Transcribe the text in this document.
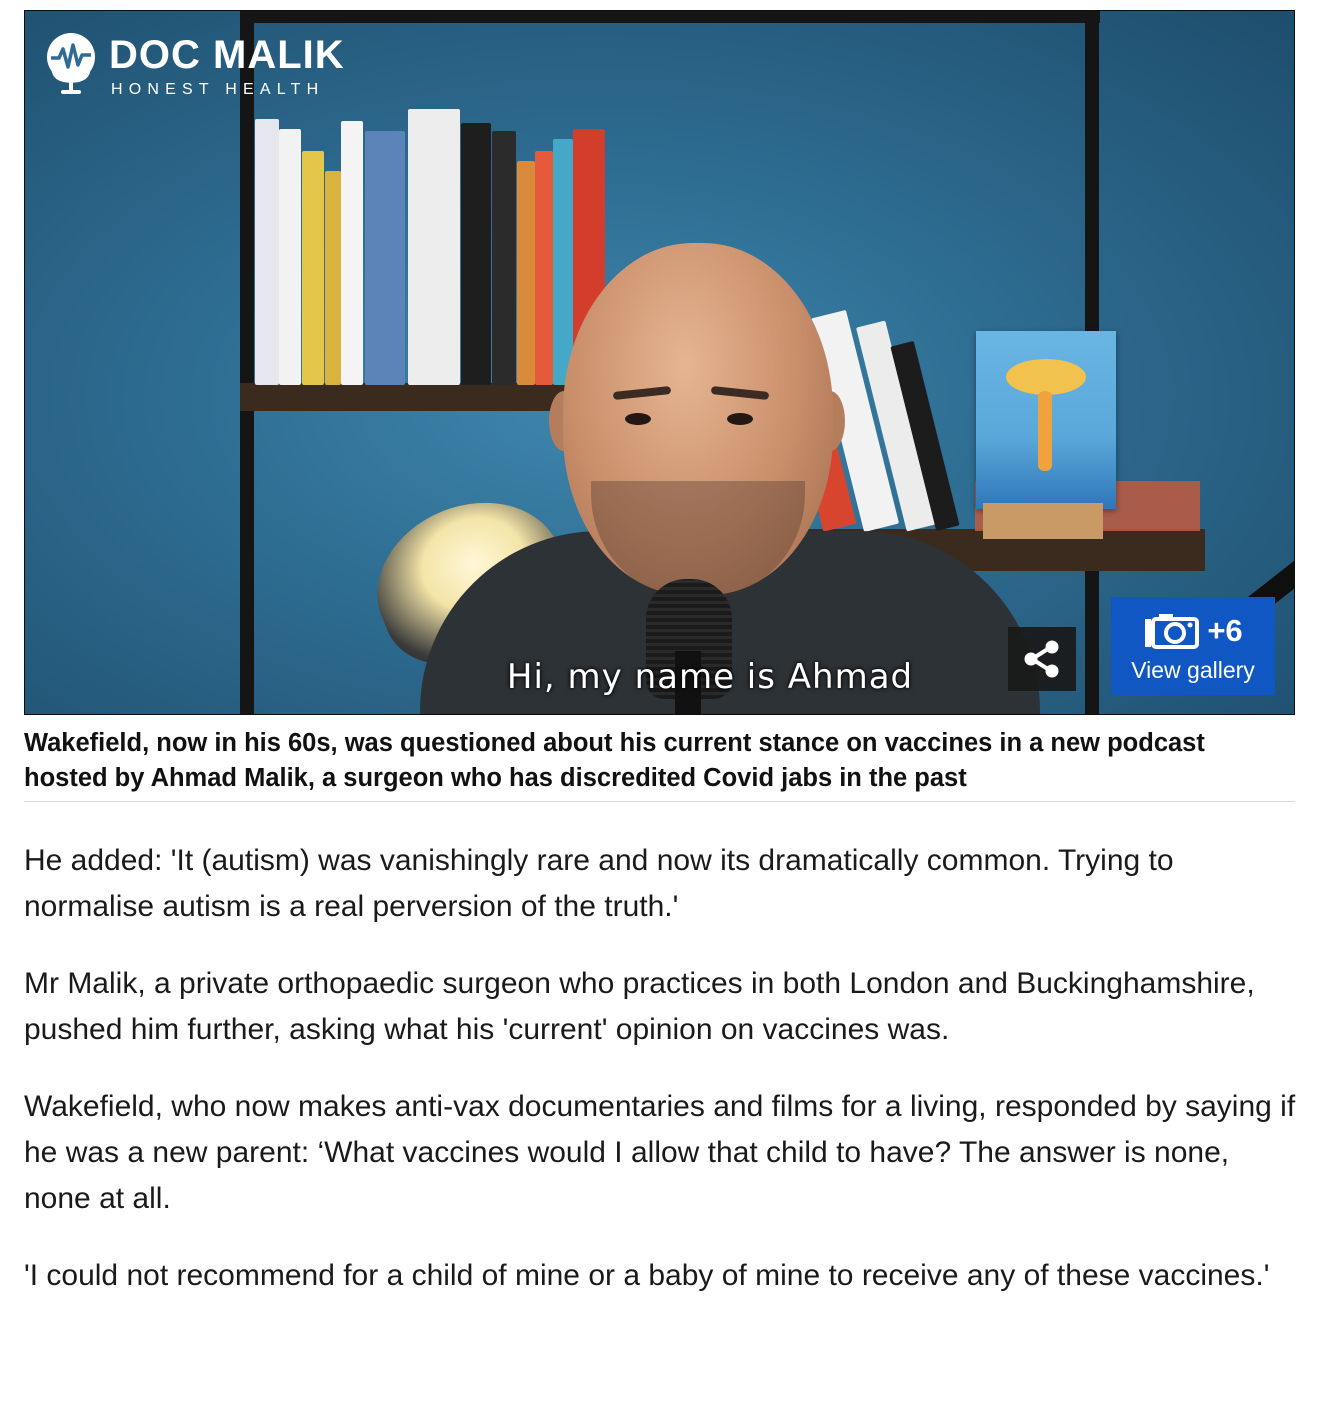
DOC MALIK
HONEST HEALTH
Hi, my name is Ahmad
+6
View gallery

Wakefield, now in his 60s, was questioned about his current stance on vaccines in a new podcast hosted by Ahmad Malik, a surgeon who has discredited Covid jabs in the past

He added: 'It (autism) was vanishingly rare and now its dramatically common. Trying to normalise autism is a real perversion of the truth.'

Mr Malik, a private orthopaedic surgeon who practices in both London and Buckinghamshire, pushed him further, asking what his 'current' opinion on vaccines was.

Wakefield, who now makes anti-vax documentaries and films for a living, responded by saying if he was a new parent: ‘What vaccines would I allow that child to have? The answer is none, none at all.

'I could not recommend for a child of mine or a baby of mine to receive any of these vaccines.'
